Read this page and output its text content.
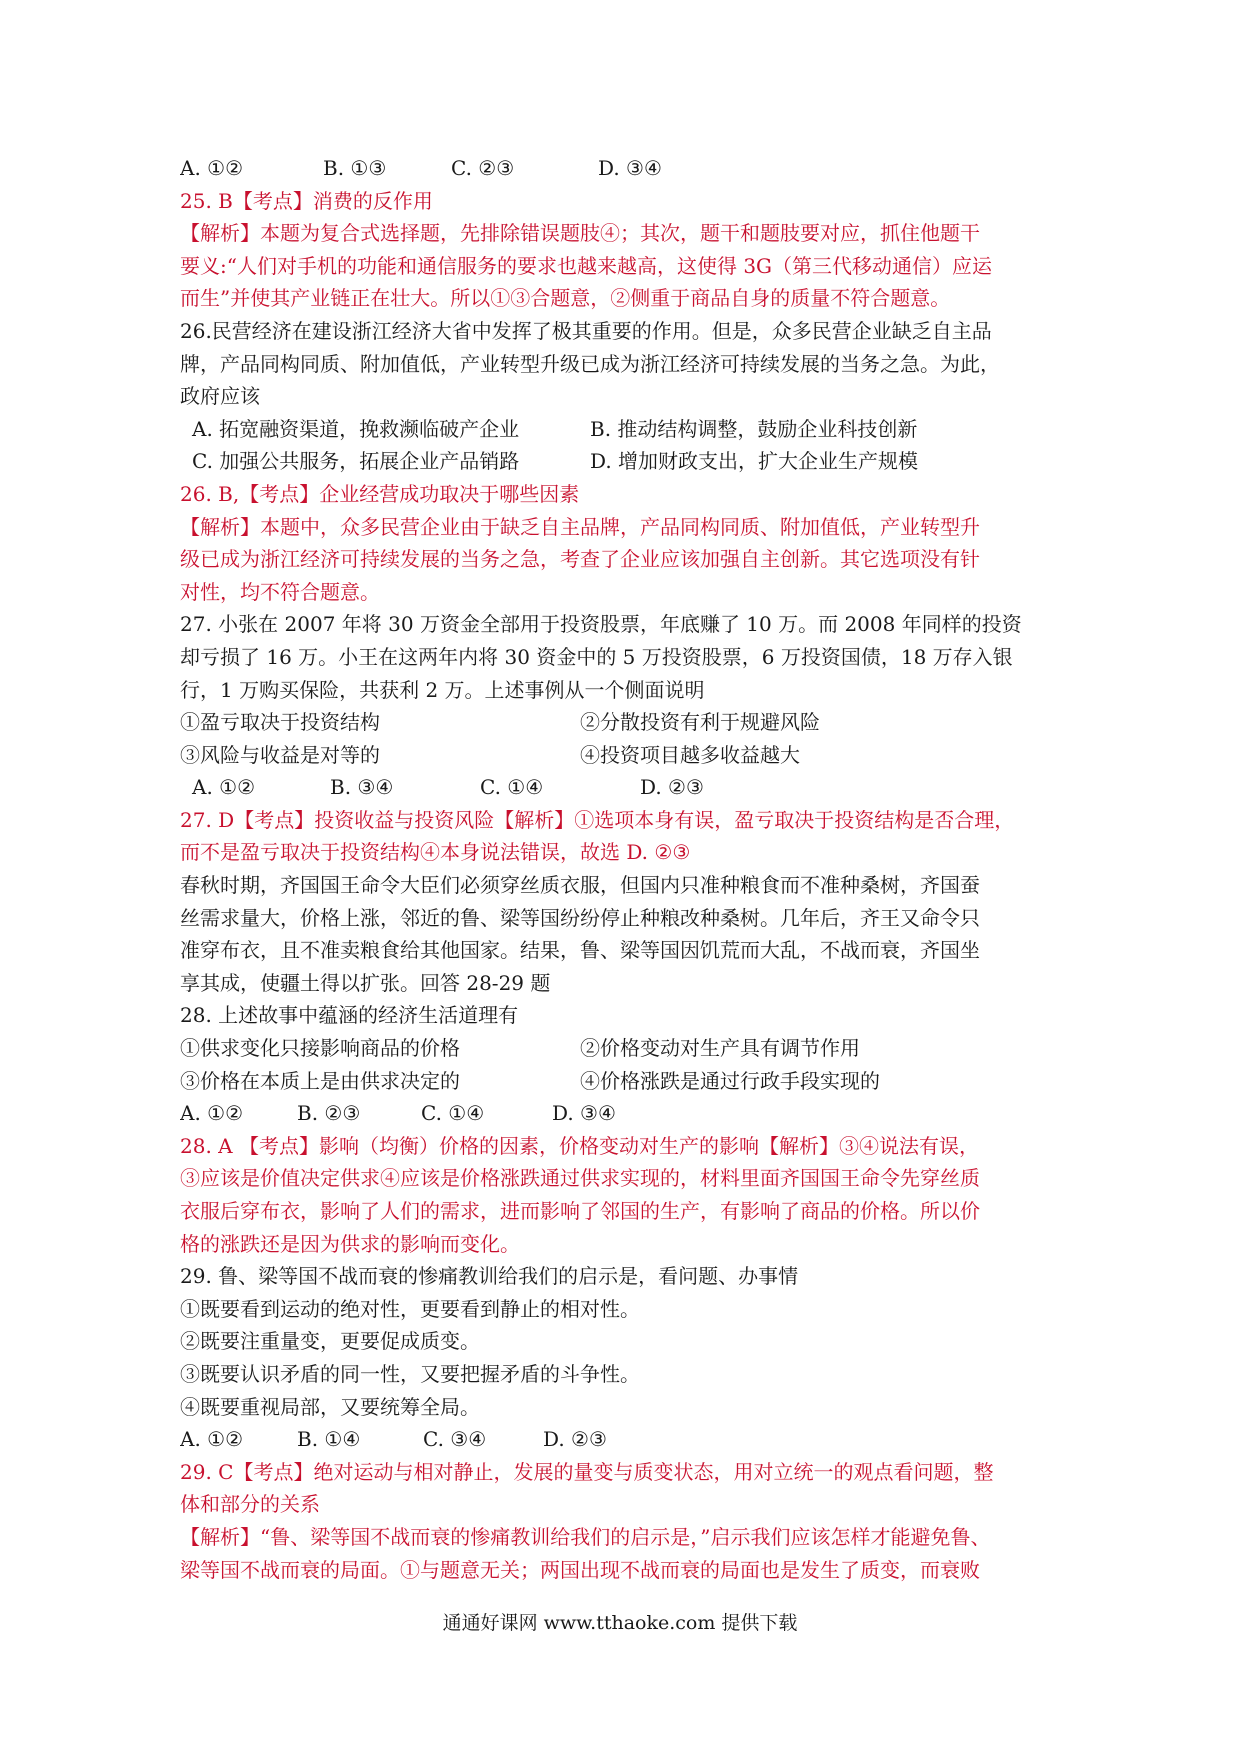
A. ①②	B. ①③	C. ②③	D. ③④
25. B【考点】消费的反作用
【解析】本题为复合式选择题，先排除错误题肢④；其次，题干和题肢要对应，抓住他题干
要义:“人们对手机的功能和通信服务的要求也越来越高，这使得 3G（第三代移动通信）应运
而生”并使其产业链正在壮大。所以①③合题意，②侧重于商品自身的质量不符合题意。
26.民营经济在建设浙江经济大省中发挥了极其重要的作用。但是，众多民营企业缺乏自主品
牌，产品同构同质、附加值低，产业转型升级已成为浙江经济可持续发展的当务之急。为此，
政府应该
A. 拓宽融资渠道，挽救濒临破产企业	B. 推动结构调整，鼓励企业科技创新
C. 加强公共服务，拓展企业产品销路	D. 增加财政支出，扩大企业生产规模
26. B,【考点】企业经营成功取决于哪些因素
【解析】本题中，众多民营企业由于缺乏自主品牌，产品同构同质、附加值低，产业转型升
级已成为浙江经济可持续发展的当务之急，考查了企业应该加强自主创新。其它选项没有针
对性，均不符合题意。
27. 小张在 2007 年将 30 万资金全部用于投资股票，年底赚了 10 万。而 2008 年同样的投资
却亏损了 16 万。小王在这两年内将 30 资金中的 5 万投资股票，6 万投资国债，18 万存入银
行，1 万购买保险，共获利 2 万。上述事例从一个侧面说明
①盈亏取决于投资结构	②分散投资有利于规避风险
③风险与收益是对等的	④投资项目越多收益越大
A. ①②	B. ③④	C. ①④	D. ②③
27. D【考点】投资收益与投资风险【解析】①选项本身有误，盈亏取决于投资结构是否合理，
而不是盈亏取决于投资结构④本身说法错误，故选 D. ②③
春秋时期，齐国国王命令大臣们必须穿丝质衣服，但国内只准种粮食而不准种桑树，齐国蚕
丝需求量大，价格上涨，邻近的鲁、梁等国纷纷停止种粮改种桑树。几年后，齐王又命令只
准穿布衣，且不准卖粮食给其他国家。结果，鲁、梁等国因饥荒而大乱，不战而衰，齐国坐
享其成，使疆土得以扩张。回答 28-29 题
28. 上述故事中蕴涵的经济生活道理有
①供求变化只接影响商品的价格	②价格变动对生产具有调节作用
③价格在本质上是由供求决定的	④价格涨跌是通过行政手段实现的
A. ①②	B. ②③	C. ①④	D. ③④
28. A 【考点】影响（均衡）价格的因素，价格变动对生产的影响【解析】③④说法有误，
③应该是价值决定供求④应该是价格涨跌通过供求实现的，材料里面齐国国王命令先穿丝质
衣服后穿布衣，影响了人们的需求，进而影响了邻国的生产，有影响了商品的价格。所以价
格的涨跌还是因为供求的影响而变化。
29. 鲁、梁等国不战而衰的惨痛教训给我们的启示是，看问题、办事情
①既要看到运动的绝对性，更要看到静止的相对性。
②既要注重量变，更要促成质变。
③既要认识矛盾的同一性，又要把握矛盾的斗争性。
④既要重视局部，又要统筹全局。
A. ①②	B. ①④	C. ③④	D. ②③
29. C【考点】绝对运动与相对静止，发展的量变与质变状态，用对立统一的观点看问题，整
体和部分的关系
【解析】“鲁、梁等国不战而衰的惨痛教训给我们的启示是，”启示我们应该怎样才能避免鲁、
梁等国不战而衰的局面。①与题意无关；两国出现不战而衰的局面也是发生了质变，而衰败
通通好课网 www.tthaoke.com 提供下载
